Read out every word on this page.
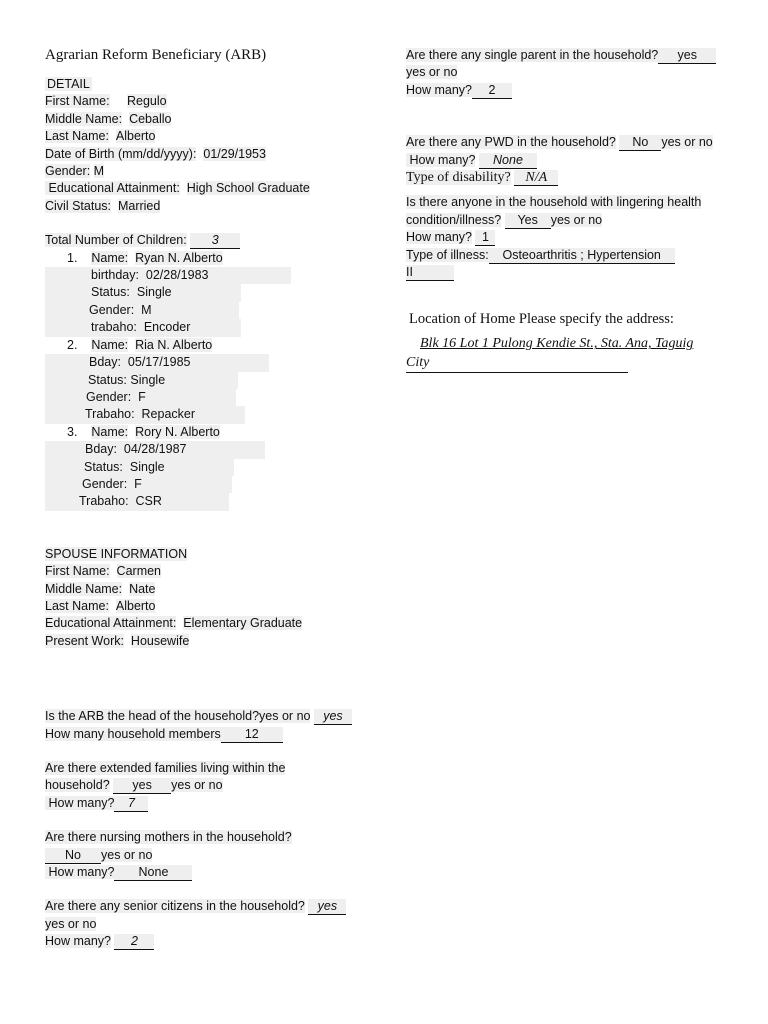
Agrarian Reform Beneficiary (ARB)
DETAIL
First Name: Regulo
Middle Name: Ceballo
Last Name: Alberto
Date of Birth (mm/dd/yyyy): 01/29/1953
Gender: M
Educational Attainment: High School Graduate
Civil Status: Married
Total Number of Children: 3
1. Name: Ryan N. Alberto
birthday: 02/28/1983
Status: Single
Gender: M
trabaho: Encoder
2. Name: Ria N. Alberto
Bday: 05/17/1985
Status: Single
Gender: F
Trabaho: Repacker
3. Name: Rory N. Alberto
Bday: 04/28/1987
Status: Single
Gender: F
Trabaho: CSR
SPOUSE INFORMATION
First Name: Carmen
Middle Name: Nate
Last Name: Alberto
Educational Attainment: Elementary Graduate
Present Work: Housewife
Is the ARB the head of the household?yes or no yes
How many household members 12
Are there extended families living within the
household? yes yes or no
How many? 7
Are there nursing mothers in the household?
No yes or no
How many? None
Are there any senior citizens in the household? yes
yes or no
How many? 2
Are there any single parent in the household? yes
yes or no
How many? 2
Are there any PWD in the household? No yes or no
How many? None
Type of disability? N/A
Is there anyone in the household with lingering health
condition/illness? Yes yes or no
How many? 1
Type of illness: Osteoarthritis ; Hypertension
II
Location of Home Please specify the address:
Blk 16 Lot 1 Pulong Kendie St., Sta. Ana, Taguig
City
